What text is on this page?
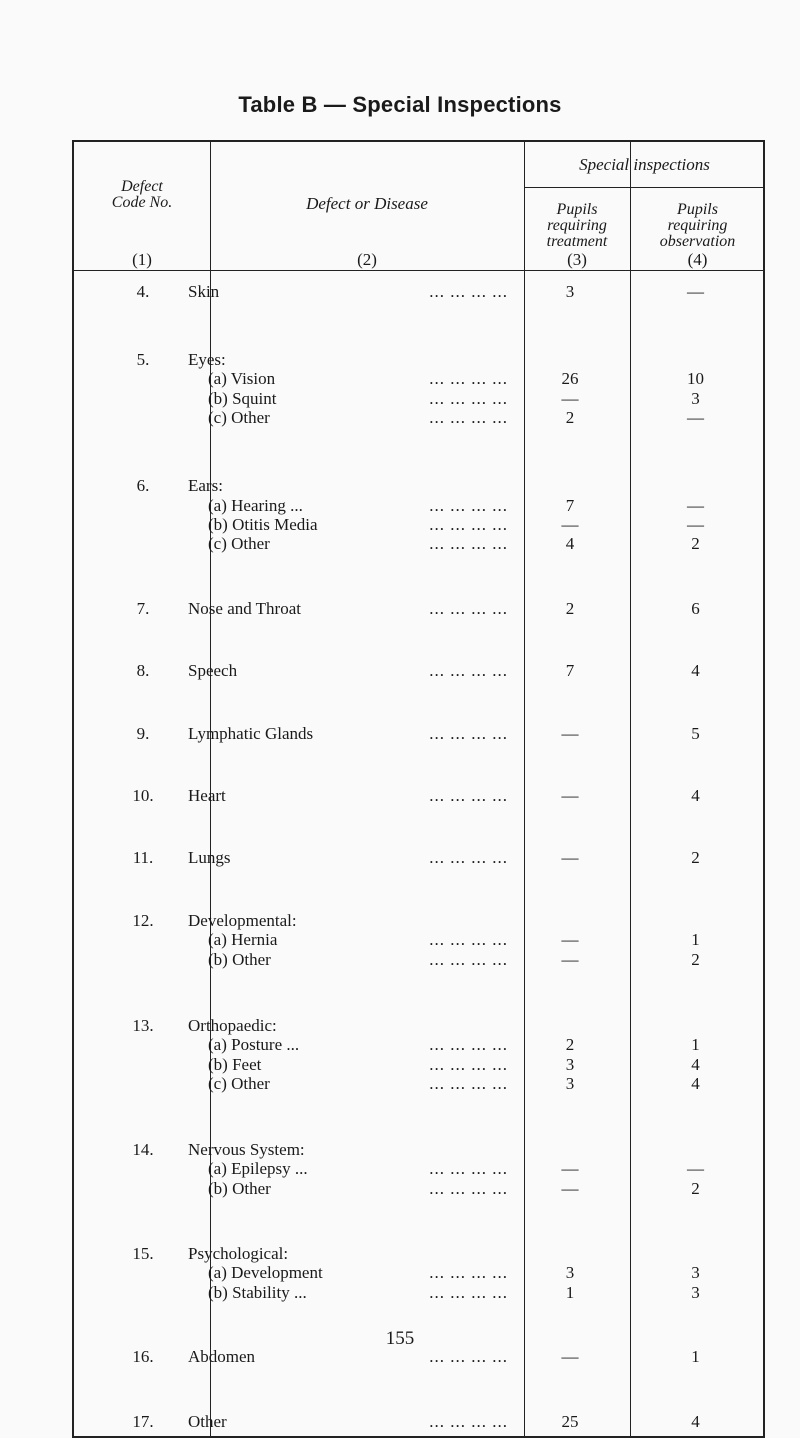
Table B — Special Inspections
Special inspections
Defect
Code No.
(1)
Defect or Disease
(2)
Pupils
requiring
treatment
(3)
Pupils
requiring
observation
(4)
4.	Skin	... ... ... ...	3	—
5.	Eyes:
(a) Vision	... ... ... ...	26	10
(b) Squint	... ... ... ...	—	3
(c) Other	... ... ... ...	2	—
6.	Ears:
(a) Hearing ...	... ... ... ...	7	—
(b) Otitis Media	... ... ... ...	—	—
(c) Other	... ... ... ...	4	2
7.	Nose and Throat	... ... ... ...	2	6
8.	Speech	... ... ... ...	7	4
9.	Lymphatic Glands	... ... ... ...	—	5
10.	Heart	... ... ... ...	—	4
11.	Lungs	... ... ... ...	—	2
12.	Developmental:
(a) Hernia	... ... ... ...	—	1
(b) Other	... ... ... ...	—	2
13.	Orthopaedic:
(a) Posture ...	... ... ... ...	2	1
(b) Feet	... ... ... ...	3	4
(c) Other	... ... ... ...	3	4
14.	Nervous System:
(a) Epilepsy ...	... ... ... ...	—	—
(b) Other	... ... ... ...	—	2
15.	Psychological:
(a) Development	... ... ... ...	3	3
(b) Stability ...	... ... ... ...	1	3
16.	Abdomen	... ... ... ...	—	1
17.	Other	... ... ... ...	25	4
155
